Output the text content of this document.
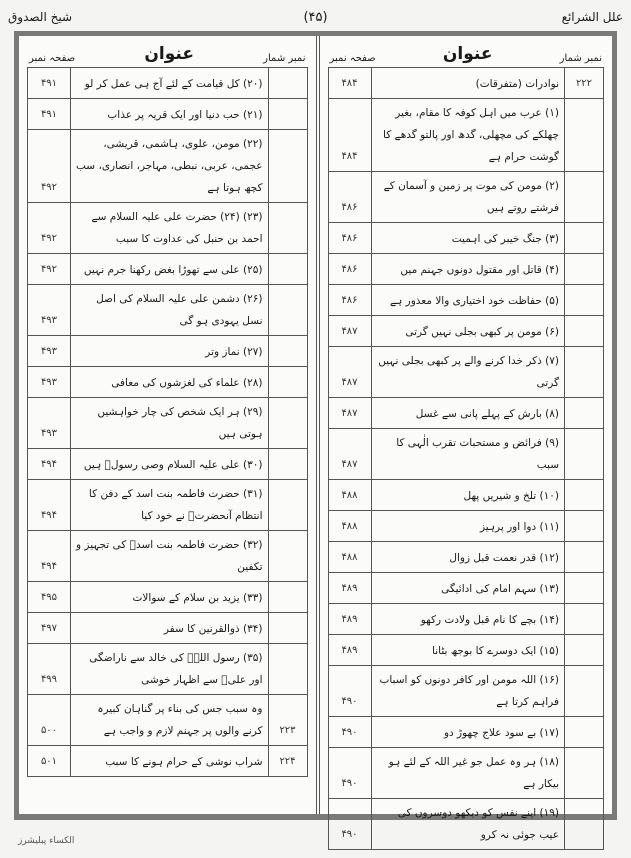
علل الشرائع
(۴۵)
شیخ الصدوق
نمبر شمار
عنوان
صفحہ نمبر
۲۲۲	نوادرات (متفرقات)	۴۸۴
	(۱) عرب میں اہل کوفہ کا مقام، بغیر چھلکے کی مچھلی، گدھ اور پالتو گدھے کا گوشت حرام ہے	۴۸۴
	(۲) مومن کی موت پر زمین و آسمان کے فرشتے روتے ہیں	۴۸۶
	(۳) جنگ خیبر کی اہمیت	۴۸۶
	(۴) قاتل اور مقتول دونوں جہنم میں	۴۸۶
	(۵) حفاظت خود اختیاری والا معذور ہے	۴۸۶
	(۶) مومن پر کبھی بجلی نہیں گرتی	۴۸۷
	(۷) ذکر خدا کرنے والے پر کبھی بجلی نہیں گرتی	۴۸۷
	(۸) بارش کے پہلے پانی سے غسل	۴۸۷
	(۹) فرائض و مستحبات تقرب الٰہی کا سبب	۴۸۷
	(۱۰) تلخ و شیریں پھل	۴۸۸
	(۱۱) دوا اور پرہیز	۴۸۸
	(۱۲) قدر نعمت قبل زوال	۴۸۸
	(۱۳) سہم امام کی ادائیگی	۴۸۹
	(۱۴) بچے کا نام قبل ولادت رکھو	۴۸۹
	(۱۵) ایک دوسرے کا بوجھ بٹانا	۴۸۹
	(۱۶) اللہ مومن اور کافر دونوں کو اسباب فراہم کرتا ہے	۴۹۰
	(۱۷) بے سود علاج چھوڑ دو	۴۹۰
	(۱۸) ہر وہ عمل جو غیر اللہ کے لئے ہو بیکار ہے	۴۹۰
	(۱۹) اپنے نفس کو دیکھو دوسروں کی عیب جوئی نہ کرو	۴۹۰
نمبر شمار
عنوان
صفحہ نمبر
	(۲۰) کل قیامت کے لئے آج ہی عمل کر لو	۴۹۱
	(۲۱) حب دنیا اور ایک قریہ پر عذاب	۴۹۱
	(۲۲) مومن، علوی، ہاشمی، قریشی، عجمی، عربی، نبطی، مہاجر، انصاری، سب کچھ ہوتا ہے	۴۹۲
	(۲۳) (۲۴) حضرت علی علیہ السلام سے احمد بن حنبل کی عداوت کا سبب	۴۹۲
	(۲۵) علی سے تھوڑا بغض رکھنا جرم نہیں	۴۹۲
	(۲۶) دشمن علی علیہ السلام کی اصل نسل یہودی ہو گی	۴۹۳
	(۲۷) نماز وتر	۴۹۳
	(۲۸) علماء کی لغزشوں کی معافی	۴۹۳
	(۲۹) ہر ایک شخص کی چار خواہشیں ہوتی ہیں	۴۹۳
	(۳۰) علی علیہ السلام وصی رسولؐ ہیں	۴۹۴
	(۳۱) حضرت فاطمہ بنت اسد کے دفن کا انتظام آنحضرتؐ نے خود کیا	۴۹۴
	(۳۲) حضرت فاطمہ بنت اسدؑ کی تجہیز و تکفین	۴۹۴
	(۳۳) یزید بن سلام کے سوالات	۴۹۵
	(۳۴) ذوالقرنین کا سفر	۴۹۷
	(۳۵) رسول اللہؐ کی خالد سے ناراضگی اور علیؑ سے اظہار خوشی	۴۹۹
۲۲۳	وہ سبب جس کی بناء پر گناہان کبیرہ کرنے والوں پر جہنم لازم و واجب ہے	۵۰۰
۲۲۴	شراب نوشی کے حرام ہونے کا سبب	۵۰۱
الکساء پبلیشرز
